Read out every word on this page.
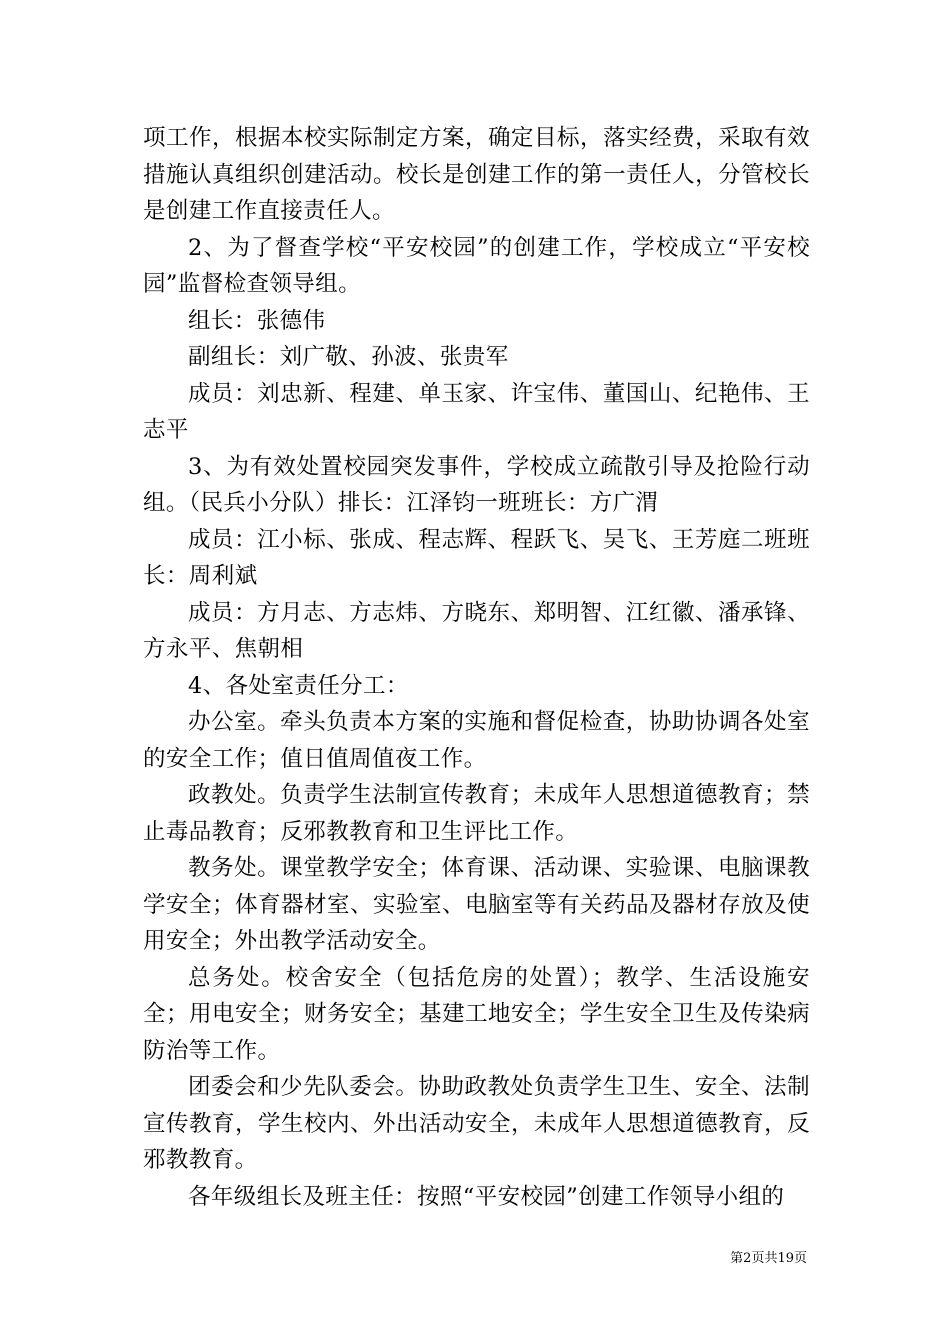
项工作，根据本校实际制定方案，确定目标，落实经费，采取有效措施认真组织创建活动。校长是创建工作的第一责任人，分管校长是创建工作直接责任人。

2、为了督查学校“平安校园”的创建工作，学校成立“平安校园”监督检查领导组。

组长：张德伟

副组长：刘广敬、孙波、张贵军

成员：刘忠新、程建、单玉家、许宝伟、董国山、纪艳伟、王志平

3、为有效处置校园突发事件，学校成立疏散引导及抢险行动组。（民兵小分队）排长：江泽钧一班班长：方广渭

成员：江小标、张成、程志辉、程跃飞、吴飞、王芳庭二班班长：周利斌

成员：方月志、方志炜、方晓东、郑明智、江红徽、潘承锋、方永平、焦朝相

4、各处室责任分工：

办公室。牵头负责本方案的实施和督促检查，协助协调各处室的安全工作；值日值周值夜工作。

政教处。负责学生法制宣传教育；未成年人思想道德教育；禁止毒品教育；反邪教教育和卫生评比工作。

教务处。课堂教学安全；体育课、活动课、实验课、电脑课教学安全；体育器材室、实验室、电脑室等有关药品及器材存放及使用安全；外出教学活动安全。

总务处。校舍安全（包括危房的处置）；教学、生活设施安全；用电安全；财务安全；基建工地安全；学生安全卫生及传染病防治等工作。

团委会和少先队委会。协助政教处负责学生卫生、安全、法制宣传教育，学生校内、外出活动安全，未成年人思想道德教育，反邪教教育。

各年级组长及班主任：按照“平安校园”创建工作领导小组的

第2页共19页
